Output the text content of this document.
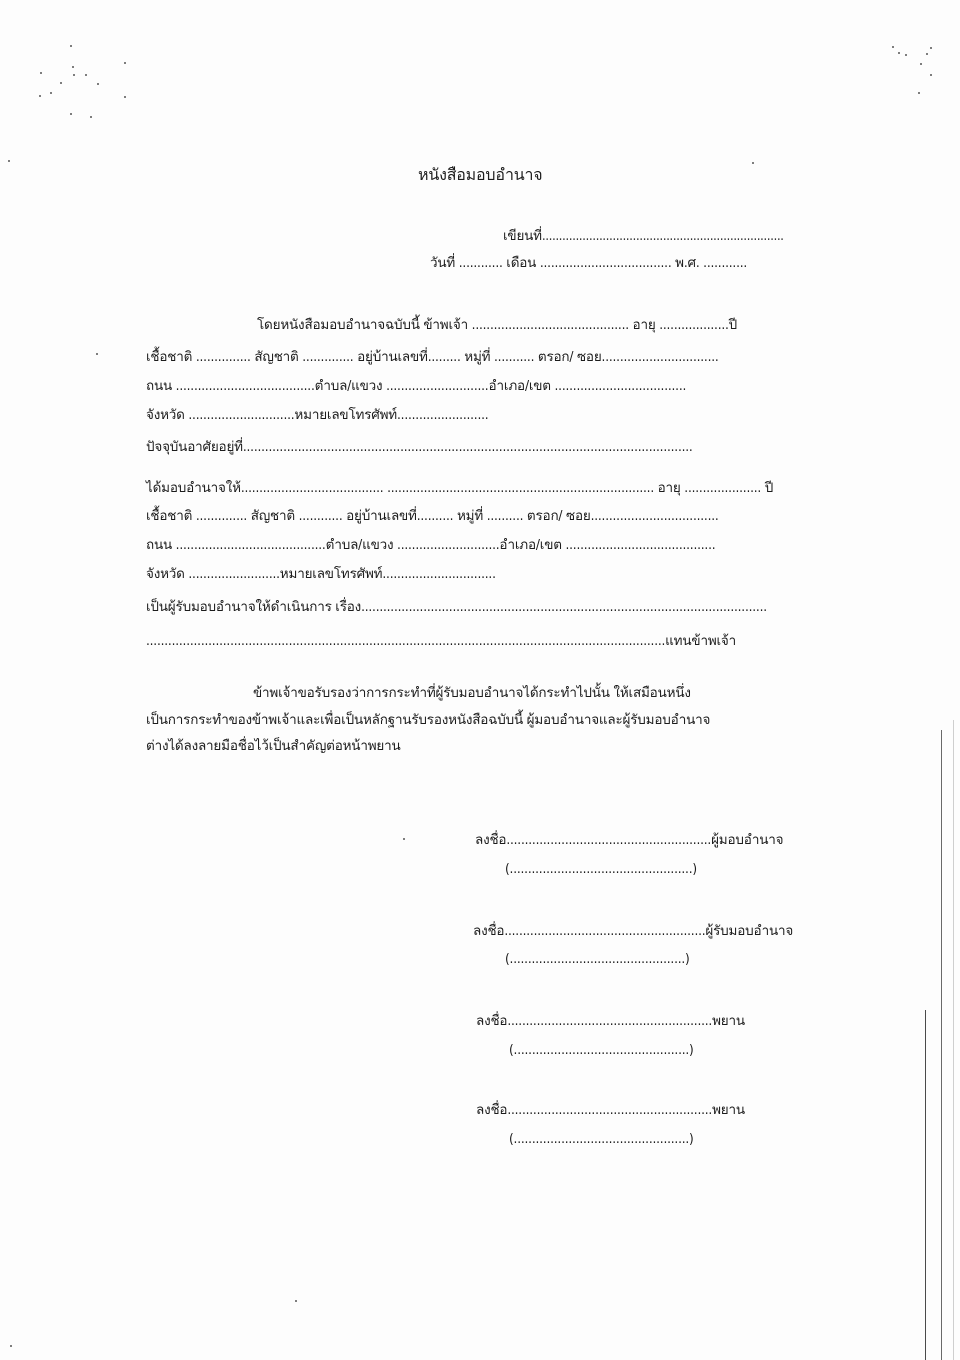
หนังสือมอบอำนาจ
เขียนที่........................................................................
วันที่ ............ เดือน .................................... พ.ศ. ............
โดยหนังสือมอบอำนาจฉบับนี้ ข้าพเจ้า ........................................... อายุ ...................ปี
เชื้อชาติ ............... สัญชาติ .............. อยู่บ้านเลขที่......... หมู่ที่ ........... ตรอก/ ซอย................................
ถนน ......................................ตำบล/แขวง ............................อำเภอ/เขต ....................................
จังหวัด .............................หมายเลขโทรศัพท์.........................
ปัจจุบันอาศัยอยู่ที่...........................................................................................................................
ได้มอบอำนาจให้....................................... ......................................................................... อายุ ..................... ปี
เชื้อชาติ .............. สัญชาติ ............ อยู่บ้านเลขที่.......... หมู่ที่ .......... ตรอก/ ซอย...................................
ถนน .........................................ตำบล/แขวง ............................อำเภอ/เขต .........................................
จังหวัด .........................หมายเลขโทรศัพท์...............................
เป็นผู้รับมอบอำนาจให้ดำเนินการ เรื่อง...............................................................................................................
..............................................................................................................................................แทนข้าพเจ้า
ข้าพเจ้าขอรับรองว่าการกระทำที่ผู้รับมอบอำนาจได้กระทำไปนั้น ให้เสมือนหนึ่ง
เป็นการกระทำของข้าพเจ้าและเพื่อเป็นหลักฐานรับรองหนังสือฉบับนี้ ผู้มอบอำนาจและผู้รับมอบอำนาจ
ต่างได้ลงลายมือชื่อไว้เป็นสำคัญต่อหน้าพยาน
ลงชื่อ........................................................ผู้มอบอำนาจ
(..................................................)
ลงชื่อ.......................................................ผู้รับมอบอำนาจ
(................................................)
ลงชื่อ........................................................พยาน
(................................................)
ลงชื่อ........................................................พยาน
(................................................)
